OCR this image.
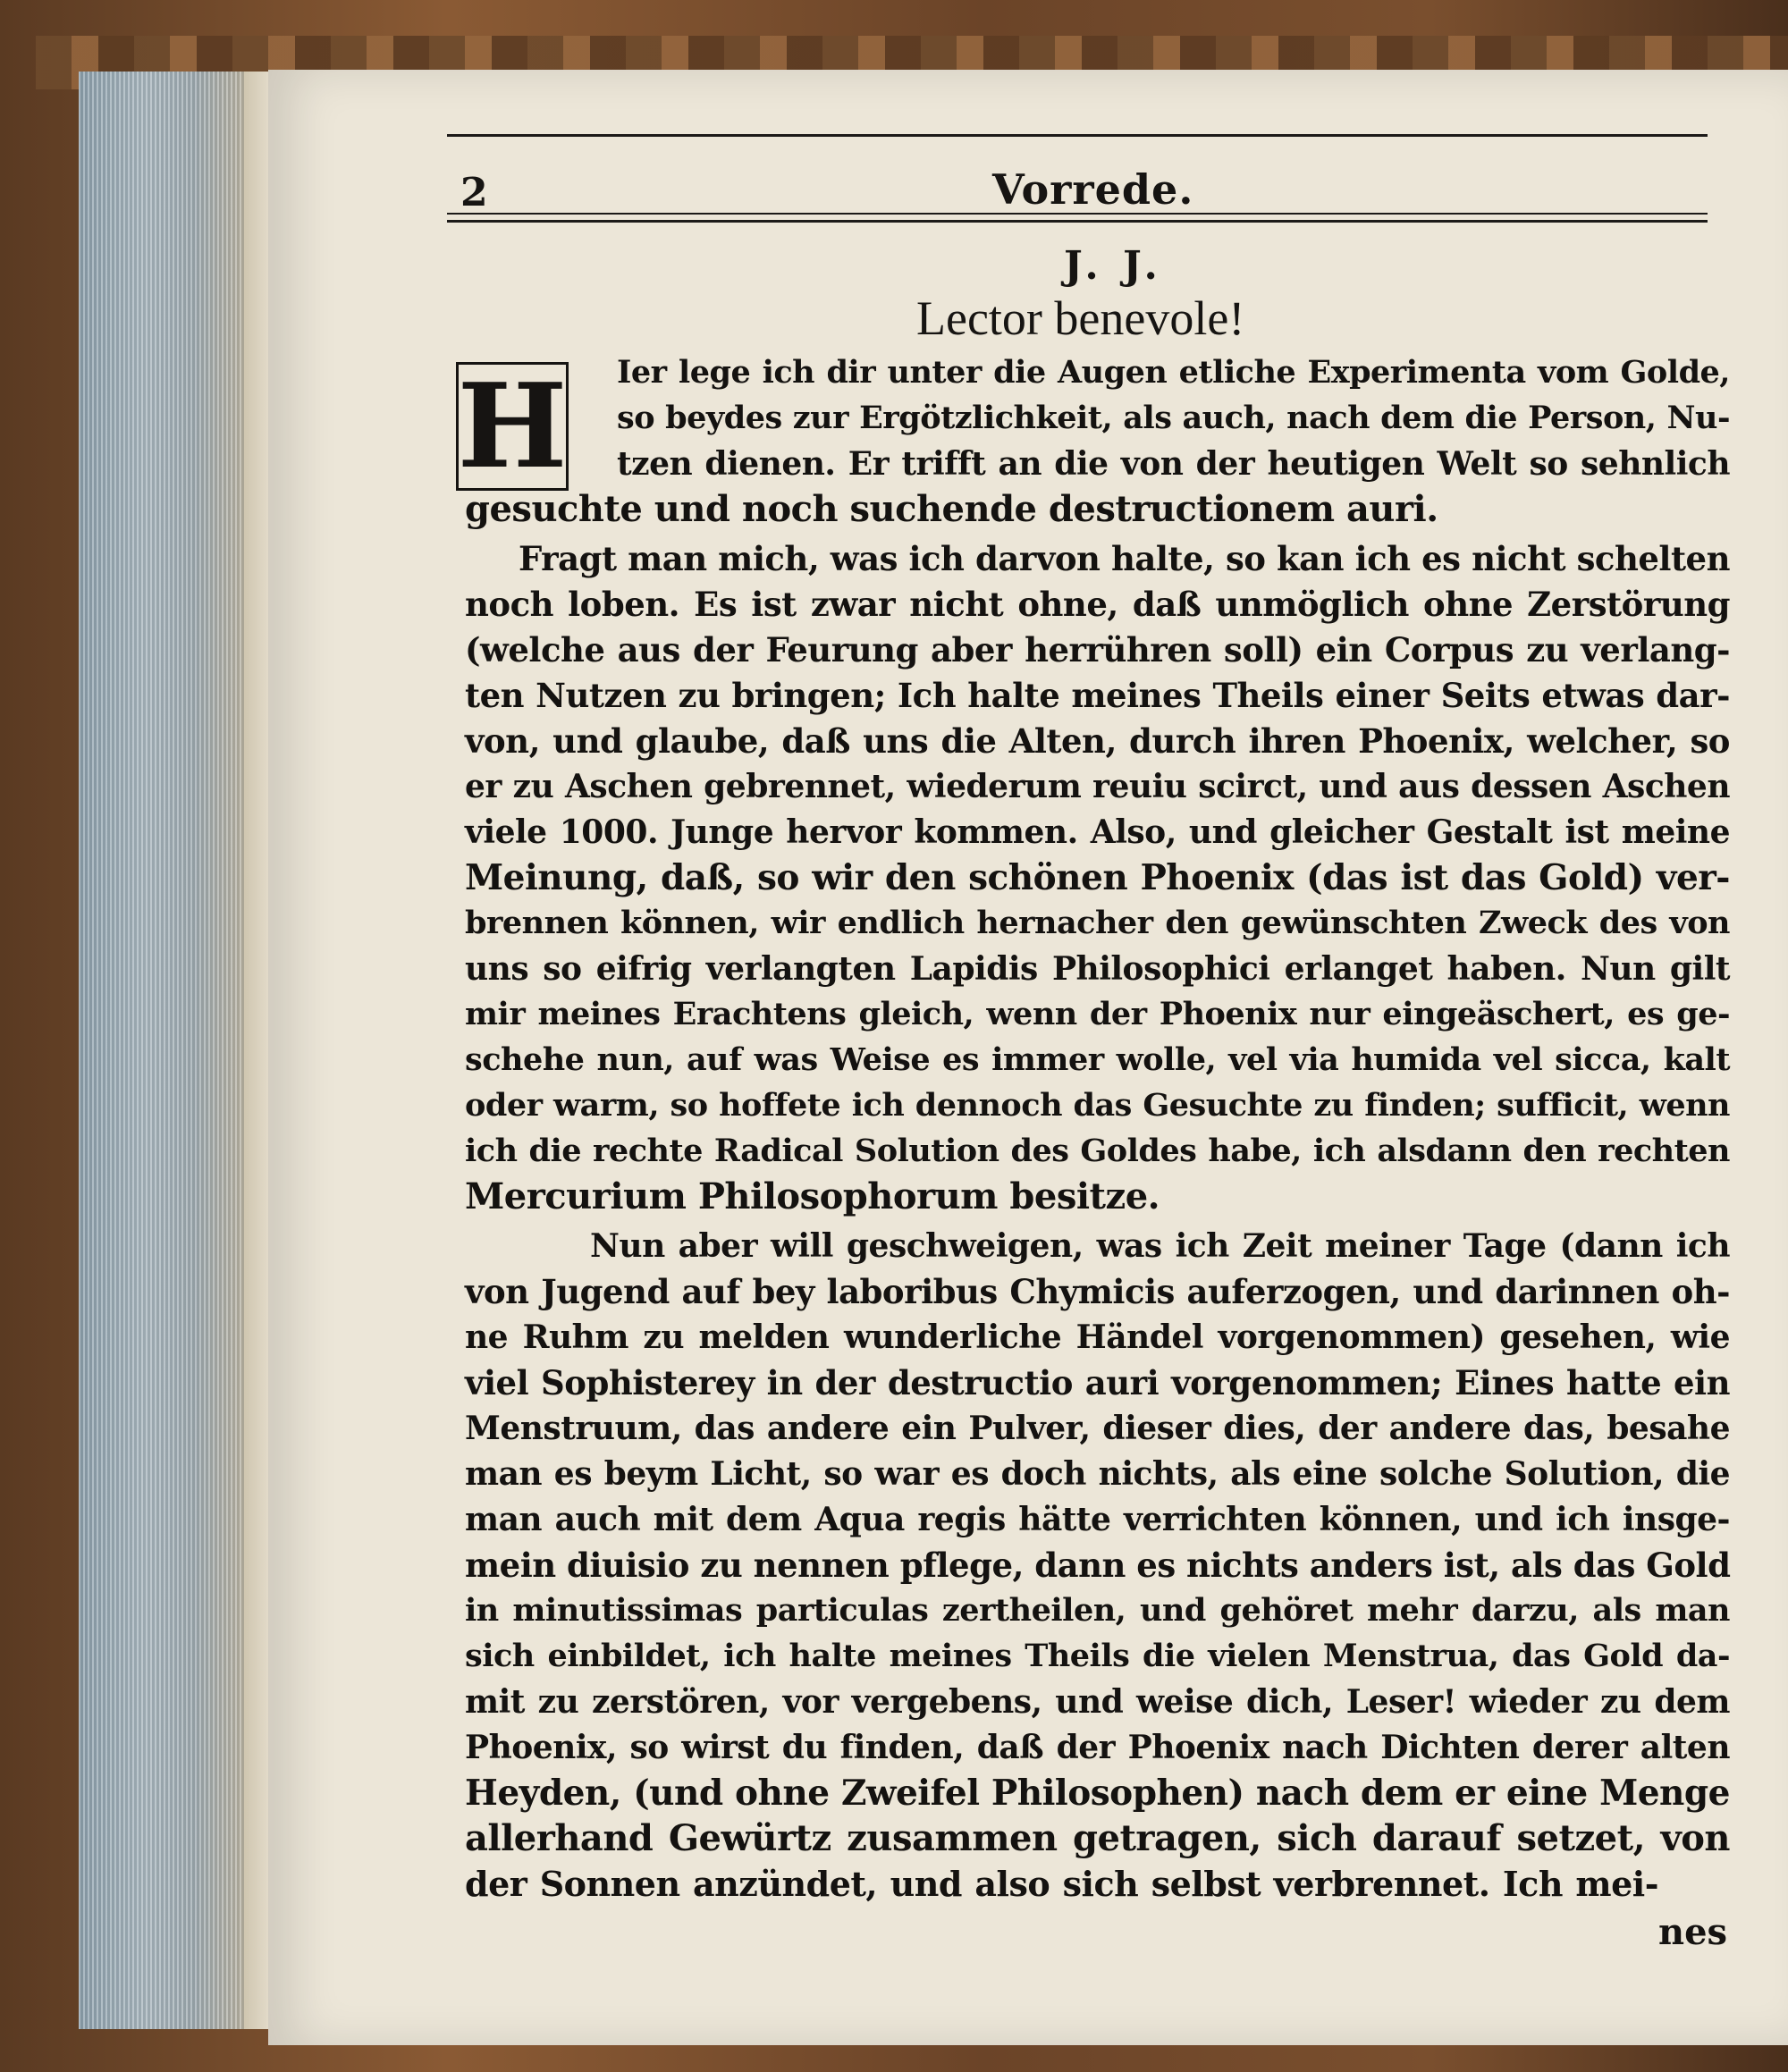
2	Vorrede.
J. J.
Lector benevole!
H Ier lege ich dir unter die Augen etliche Experimenta vom Golde,
so beydes zur Ergötzlichkeit, als auch, nach dem die Person, Nu-
tzen dienen. Er trifft an die von der heutigen Welt so sehnlich
gesuchte und noch suchende destructionem auri.
Fragt man mich, was ich darvon halte, so kan ich es nicht schelten
noch loben. Es ist zwar nicht ohne, daß unmöglich ohne Zerstörung
(welche aus der Feurung aber herrühren soll) ein Corpus zu verlang-
ten Nutzen zu bringen; Ich halte meines Theils einer Seits etwas dar-
von, und glaube, daß uns die Alten, durch ihren Phoenix, welcher, so
er zu Aschen gebrennet, wiederum reuiu scirct, und aus dessen Aschen
viele 1000. Junge hervor kommen. Also, und gleicher Gestalt ist meine
Meinung, daß, so wir den schönen Phoenix (das ist das Gold) ver-
brennen können, wir endlich hernacher den gewünschten Zweck des von
uns so eifrig verlangten Lapidis Philosophici erlanget haben. Nun gilt
mir meines Erachtens gleich, wenn der Phoenix nur eingeäschert, es ge-
schehe nun, auf was Weise es immer wolle, vel via humida vel sicca, kalt
oder warm, so hoffete ich dennoch das Gesuchte zu finden; sufficit, wenn
ich die rechte Radical Solution des Goldes habe, ich alsdann den rechten
Mercurium Philosophorum besitze.
Nun aber will geschweigen, was ich Zeit meiner Tage (dann ich
von Jugend auf bey laboribus Chymicis auferzogen, und darinnen oh-
ne Ruhm zu melden wunderliche Händel vorgenommen) gesehen, wie
viel Sophisterey in der destructio auri vorgenommen; Eines hatte ein
Menstruum, das andere ein Pulver, dieser dies, der andere das, besahe
man es beym Licht, so war es doch nichts, als eine solche Solution, die
man auch mit dem Aqua regis hätte verrichten können, und ich insge-
mein diuisio zu nennen pflege, dann es nichts anders ist, als das Gold
in minutissimas particulas zertheilen, und gehöret mehr darzu, als man
sich einbildet, ich halte meines Theils die vielen Menstrua, das Gold da-
mit zu zerstören, vor vergebens, und weise dich, Leser! wieder zu dem
Phoenix, so wirst du finden, daß der Phoenix nach Dichten derer alten
Heyden, (und ohne Zweifel Philosophen) nach dem er eine Menge
allerhand Gewürtz zusammen getragen, sich darauf setzet, von
der Sonnen anzündet, und also sich selbst verbrennet. Ich mei-
nes
